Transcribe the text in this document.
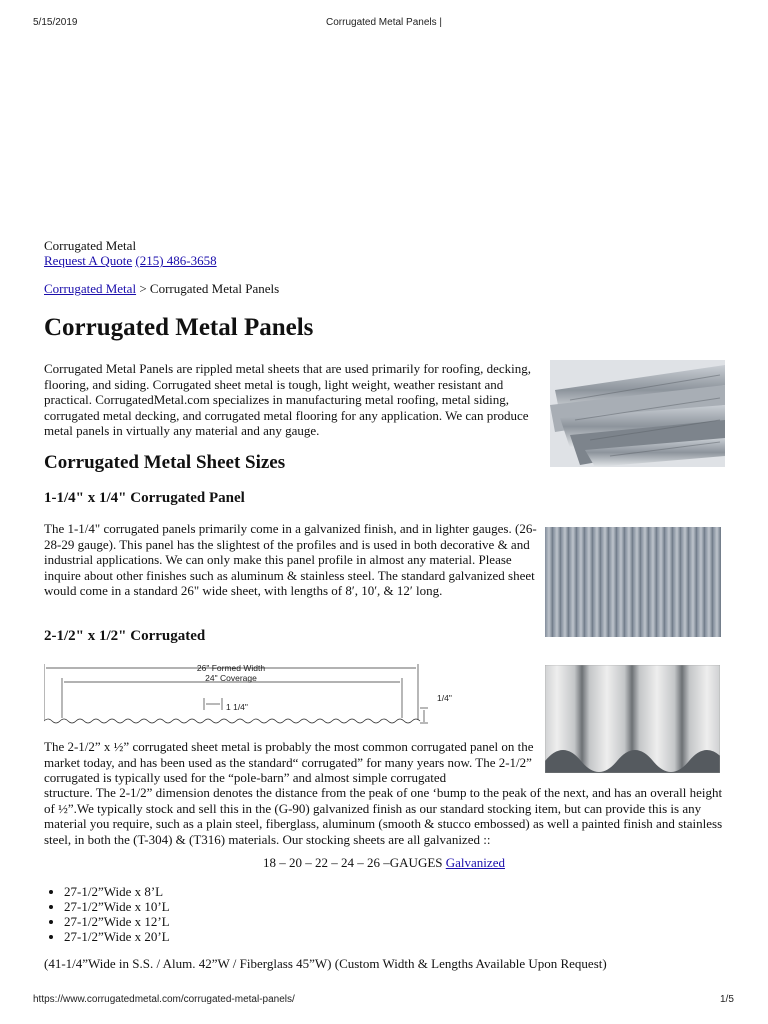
5/15/2019	Corrugated Metal Panels |
Corrugated Metal
Request A Quote (215) 486-3658
Corrugated Metal > Corrugated Metal Panels
Corrugated Metal Panels
Corrugated Metal Panels are rippled metal sheets that are used primarily for roofing, decking, flooring, and siding. Corrugated sheet metal is tough, light weight, weather resistant and practical. CorrugatedMetal.com specializes in manufacturing metal roofing, metal siding, corrugated metal decking, and corrugated metal flooring for any application. We can produce metal panels in virtually any material and any gauge.
Corrugated Metal Sheet Sizes
1-1/4" x 1/4" Corrugated Panel
The 1-1/4" corrugated panels primarily come in a galvanized finish, and in lighter gauges. (26-28-29 gauge). This panel has the slightest of the profiles and is used in both decorative & and industrial applications. We can only make this panel profile in almost any material. Please inquire about other finishes such as aluminum & stainless steel. The standard galvanized sheet would come in a standard 26" wide sheet, with lengths of 8′, 10′, & 12′ long.
2-1/2" x 1/2" Corrugated
26" Formed Width
24" Coverage
1 1/4"
1/4"
The 2-1/2” x ½” corrugated sheet metal is probably the most common corrugated panel on the market today, and has been used as the standard“ corrugated” for many years now. The 2-1/2” corrugated is typically used for the “pole-barn” and almost simple corrugated
structure. The 2-1/2” dimension denotes the distance from the peak of one ‘bump to the peak of the next, and has an overall height of ½”.We typically stock and sell this in the (G-90) galvanized finish as our standard stocking item, but can provide this is any material you require, such as a plain steel, fiberglass, aluminum (smooth & stucco embossed) as well a painted finish and stainless steel, in both the (T-304) & (T316) materials. Our stocking sheets are all galvanized ::
18 – 20 – 22 – 24 – 26 –GAUGES Galvanized
• 27-1/2”Wide x 8’L
• 27-1/2”Wide x 10’L
• 27-1/2”Wide x 12’L
• 27-1/2”Wide x 20’L
(41-1/4”Wide in S.S. / Alum. 42”W / Fiberglass 45”W) (Custom Width & Lengths Available Upon Request)
https://www.corrugatedmetal.com/corrugated-metal-panels/	1/5
